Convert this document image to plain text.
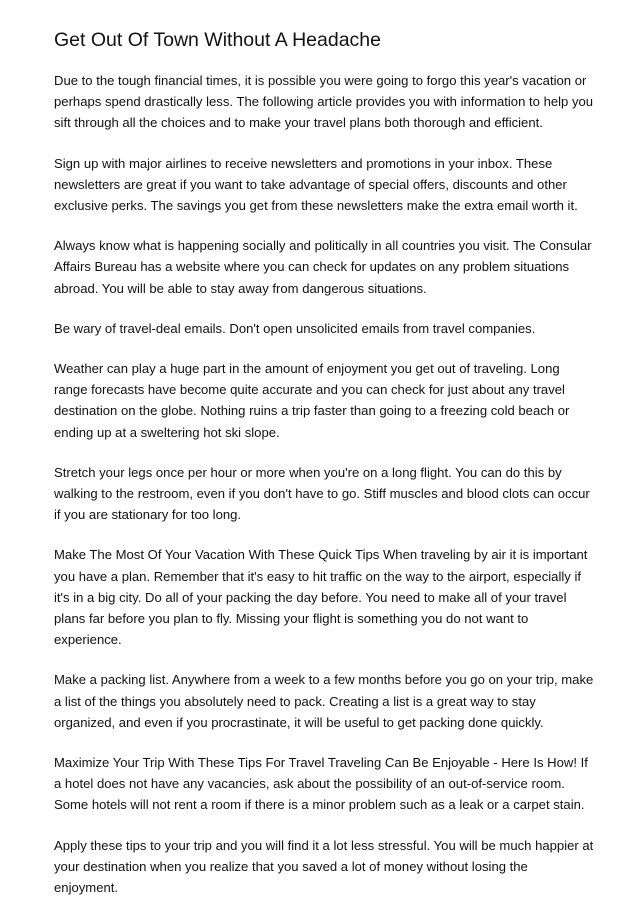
Get Out Of Town Without A Headache

Due to the tough financial times, it is possible you were going to forgo this year's vacation or perhaps spend drastically less. The following article provides you with information to help you sift through all the choices and to make your travel plans both thorough and efficient.

Sign up with major airlines to receive newsletters and promotions in your inbox. These newsletters are great if you want to take advantage of special offers, discounts and other exclusive perks. The savings you get from these newsletters make the extra email worth it.

Always know what is happening socially and politically in all countries you visit. The Consular Affairs Bureau has a website where you can check for updates on any problem situations abroad. You will be able to stay away from dangerous situations.

Be wary of travel-deal emails. Don't open unsolicited emails from travel companies.

Weather can play a huge part in the amount of enjoyment you get out of traveling. Long range forecasts have become quite accurate and you can check for just about any travel destination on the globe. Nothing ruins a trip faster than going to a freezing cold beach or ending up at a sweltering hot ski slope.

Stretch your legs once per hour or more when you're on a long flight. You can do this by walking to the restroom, even if you don't have to go. Stiff muscles and blood clots can occur if you are stationary for too long.

Make The Most Of Your Vacation With These Quick Tips When traveling by air it is important you have a plan. Remember that it's easy to hit traffic on the way to the airport, especially if it's in a big city. Do all of your packing the day before. You need to make all of your travel plans far before you plan to fly. Missing your flight is something you do not want to experience.

Make a packing list. Anywhere from a week to a few months before you go on your trip, make a list of the things you absolutely need to pack. Creating a list is a great way to stay organized, and even if you procrastinate, it will be useful to get packing done quickly.

Maximize Your Trip With These Tips For Travel Traveling Can Be Enjoyable - Here Is How! If a hotel does not have any vacancies, ask about the possibility of an out-of-service room. Some hotels will not rent a room if there is a minor problem such as a leak or a carpet stain.

Apply these tips to your trip and you will find it a lot less stressful. You will be much happier at your destination when you realize that you saved a lot of money without losing the enjoyment.
